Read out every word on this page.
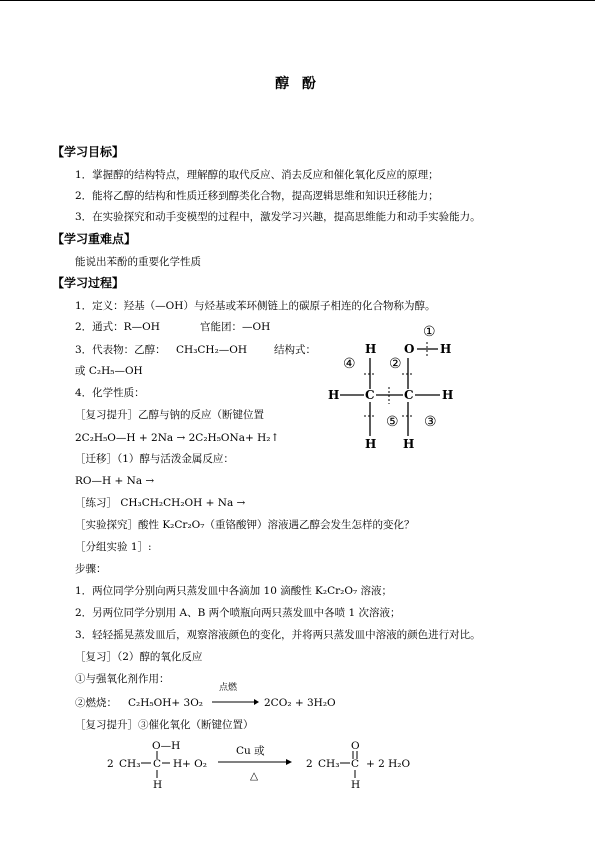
醇 酚
【学习目标】
1．掌握醇的结构特点，理解醇的取代反应、消去反应和催化氧化反应的原理；
2．能将乙醇的结构和性质迁移到醇类化合物，提高逻辑思维和知识迁移能力；
3．在实验探究和动手变模型的过程中，激发学习兴趣，提高思维能力和动手实验能力。
【学习重难点】
能说出苯酚的重要化学性质
【学习过程】
1．定义：羟基（—OH）与烃基或苯环侧链上的碳原子相连的化合物称为醇。
2．通式：R—OH	官能团：—OH
3．代表物：乙醇： CH₃CH₂—OH	结构式：
或 C₂H₅—OH
4．化学性质：
［复习提升］乙醇与钠的反应（断键位置
2C₂H₅O—H + 2Na → 2C₂H₅ONa+ H₂↑
［迁移］（1）醇与活泼金属反应：
RO—H + Na →
［练习］ CH₃CH₂CH₂OH + Na →
［实验探究］酸性 K₂Cr₂O₇（重铬酸钾）溶液遇乙醇会发生怎样的变化？
［分组实验 1］:
步骤：
1．两位同学分别向两只蒸发皿中各滴加 10 滴酸性 K₂Cr₂O₇ 溶液；
2．另两位同学分别用 A、B 两个喷瓶向两只蒸发皿中各喷 1 次溶液；
3．轻轻摇晃蒸发皿后，观察溶液颜色的变化，并将两只蒸发皿中溶液的颜色进行对比。
［复习］（2）醇的氧化反应
①与强氧化剂作用：
②燃烧： C₂H₅OH+ 3O₂
点燃
2CO₂ + 3H₂O
［复习提升］③催化氧化（断键位置）
①
O H
H
④ ②
H C C H
⑤ ③
H H
O—H
2 CH₃ C H + O₂
H
Cu 或
△
O
2 CH₃ C + 2 H₂O
H
